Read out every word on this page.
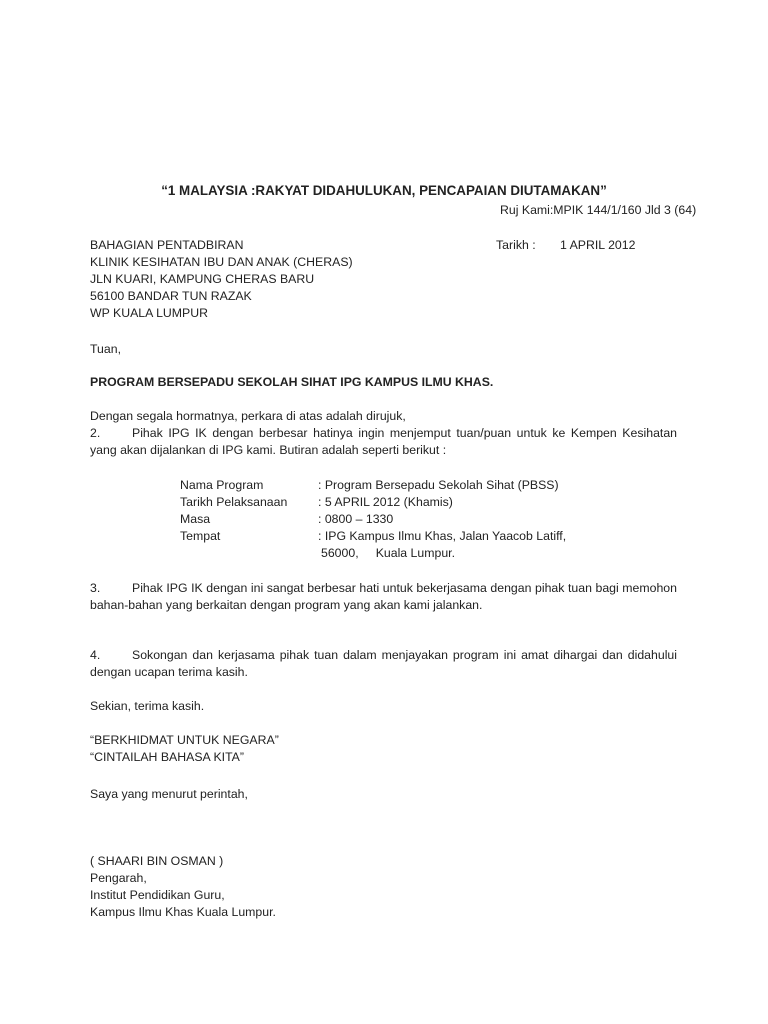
“1 MALAYSIA :RAKYAT DIDAHULUKAN, PENCAPAIAN DIUTAMAKAN”
Ruj Kami:MPIK 144/1/160 Jld 3 (64)
BAHAGIAN PENTADBIRAN
KLINIK KESIHATAN IBU DAN ANAK (CHERAS)
JLN KUARI, KAMPUNG CHERAS BARU
56100 BANDAR TUN RAZAK
WP KUALA LUMPUR
Tarikh : 1 APRIL 2012
Tuan,
PROGRAM BERSEPADU SEKOLAH SIHAT IPG KAMPUS ILMU KHAS.
Dengan segala hormatnya, perkara di atas adalah dirujuk,
2.	Pihak IPG IK dengan berbesar hatinya ingin menjemput tuan/puan untuk ke Kempen Kesihatan yang akan dijalankan di IPG kami. Butiran adalah seperti berikut :
Nama Program	: Program Bersepadu Sekolah Sihat (PBSS)
Tarikh Pelaksanaan : 5 APRIL 2012 (Khamis)
Masa	: 0800 – 1330
Tempat	: IPG Kampus Ilmu Khas, Jalan Yaacob Latiff,
56000,     Kuala Lumpur.
3.	Pihak IPG IK dengan ini sangat berbesar hati untuk bekerjasama dengan pihak tuan bagi memohon bahan-bahan yang berkaitan dengan program yang akan kami jalankan.
4.	Sokongan dan kerjasama pihak tuan dalam menjayakan program ini amat dihargai dan didahului dengan ucapan terima kasih.
Sekian, terima kasih.
“BERKHIDMAT UNTUK NEGARA”
“CINTAILAH BAHASA KITA”
Saya yang menurut perintah,
( SHAARI BIN OSMAN )
Pengarah,
Institut Pendidikan Guru,
Kampus Ilmu Khas Kuala Lumpur.
